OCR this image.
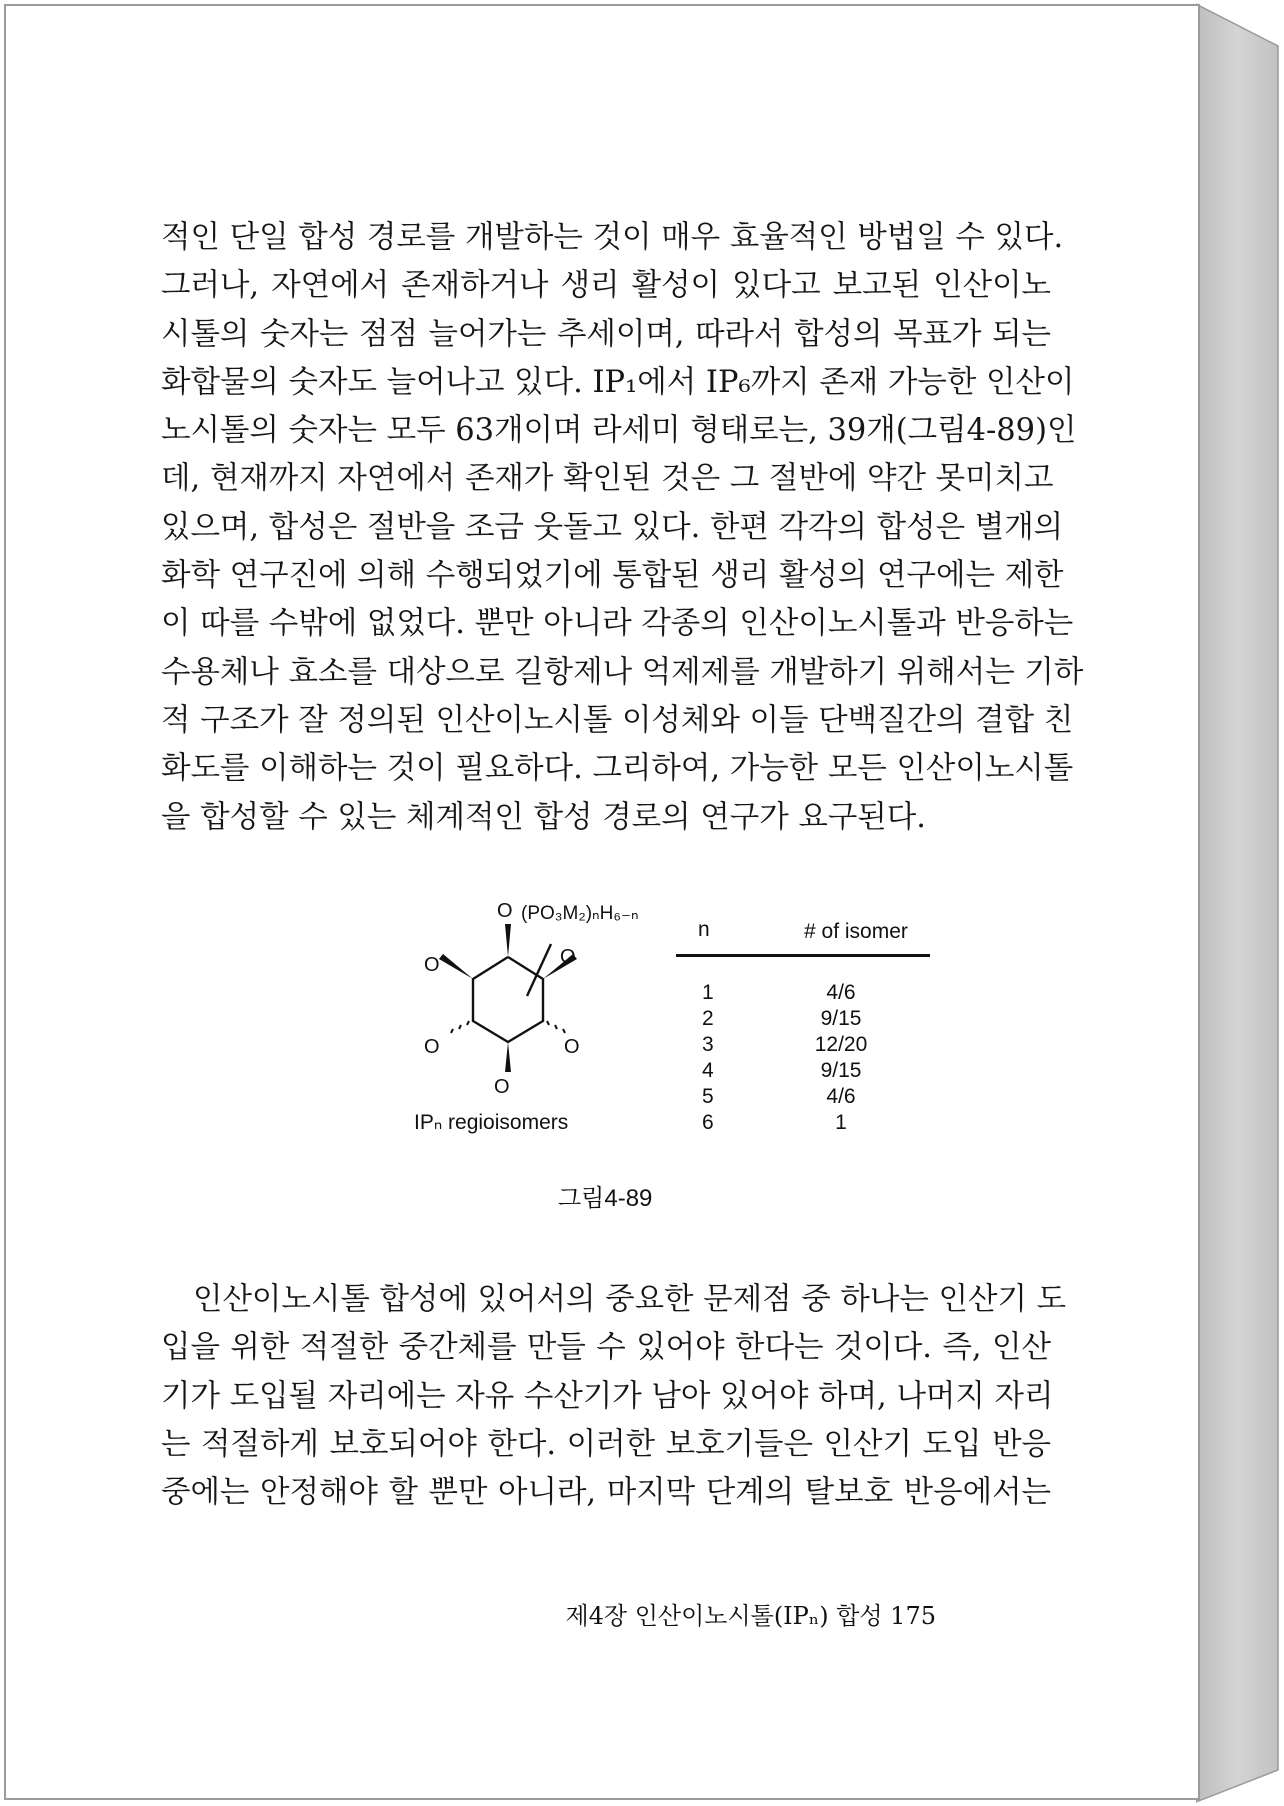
적인 단일 합성 경로를 개발하는 것이 매우 효율적인 방법일 수 있다.
그러나, 자연에서 존재하거나 생리 활성이 있다고 보고된 인산이노
시톨의 숫자는 점점 늘어가는 추세이며, 따라서 합성의 목표가 되는
화합물의 숫자도 늘어나고 있다. IP₁에서 IP₆까지 존재 가능한 인산이
노시톨의 숫자는 모두 63개이며 라세미 형태로는, 39개(그림4-89)인
데, 현재까지 자연에서 존재가 확인된 것은 그 절반에 약간 못미치고
있으며, 합성은 절반을 조금 웃돌고 있다. 한편 각각의 합성은 별개의
화학 연구진에 의해 수행되었기에 통합된 생리 활성의 연구에는 제한
이 따를 수밖에 없었다. 뿐만 아니라 각종의 인산이노시톨과 반응하는
수용체나 효소를 대상으로 길항제나 억제제를 개발하기 위해서는 기하
적 구조가 잘 정의된 인산이노시톨 이성체와 이들 단백질간의 결합 친
화도를 이해하는 것이 필요하다. 그리하여, 가능한 모든 인산이노시톨
을 합성할 수 있는 체계적인 합성 경로의 연구가 요구된다.
O
O	O
O	O
O
(PO₃M₂)ₙH₆₋ₙ
IPₙ regioisomers
n	# of isomer
1	4/6
2	9/15
3	12/20
4	9/15
5	4/6
6	1
그림4-89
인산이노시톨 합성에 있어서의 중요한 문제점 중 하나는 인산기 도
입을 위한 적절한 중간체를 만들 수 있어야 한다는 것이다. 즉, 인산
기가 도입될 자리에는 자유 수산기가 남아 있어야 하며, 나머지 자리
는 적절하게 보호되어야 한다. 이러한 보호기들은 인산기 도입 반응
중에는 안정해야 할 뿐만 아니라, 마지막 단계의 탈보호 반응에서는
제4장 인산이노시톨(IPₙ) 합성 175
